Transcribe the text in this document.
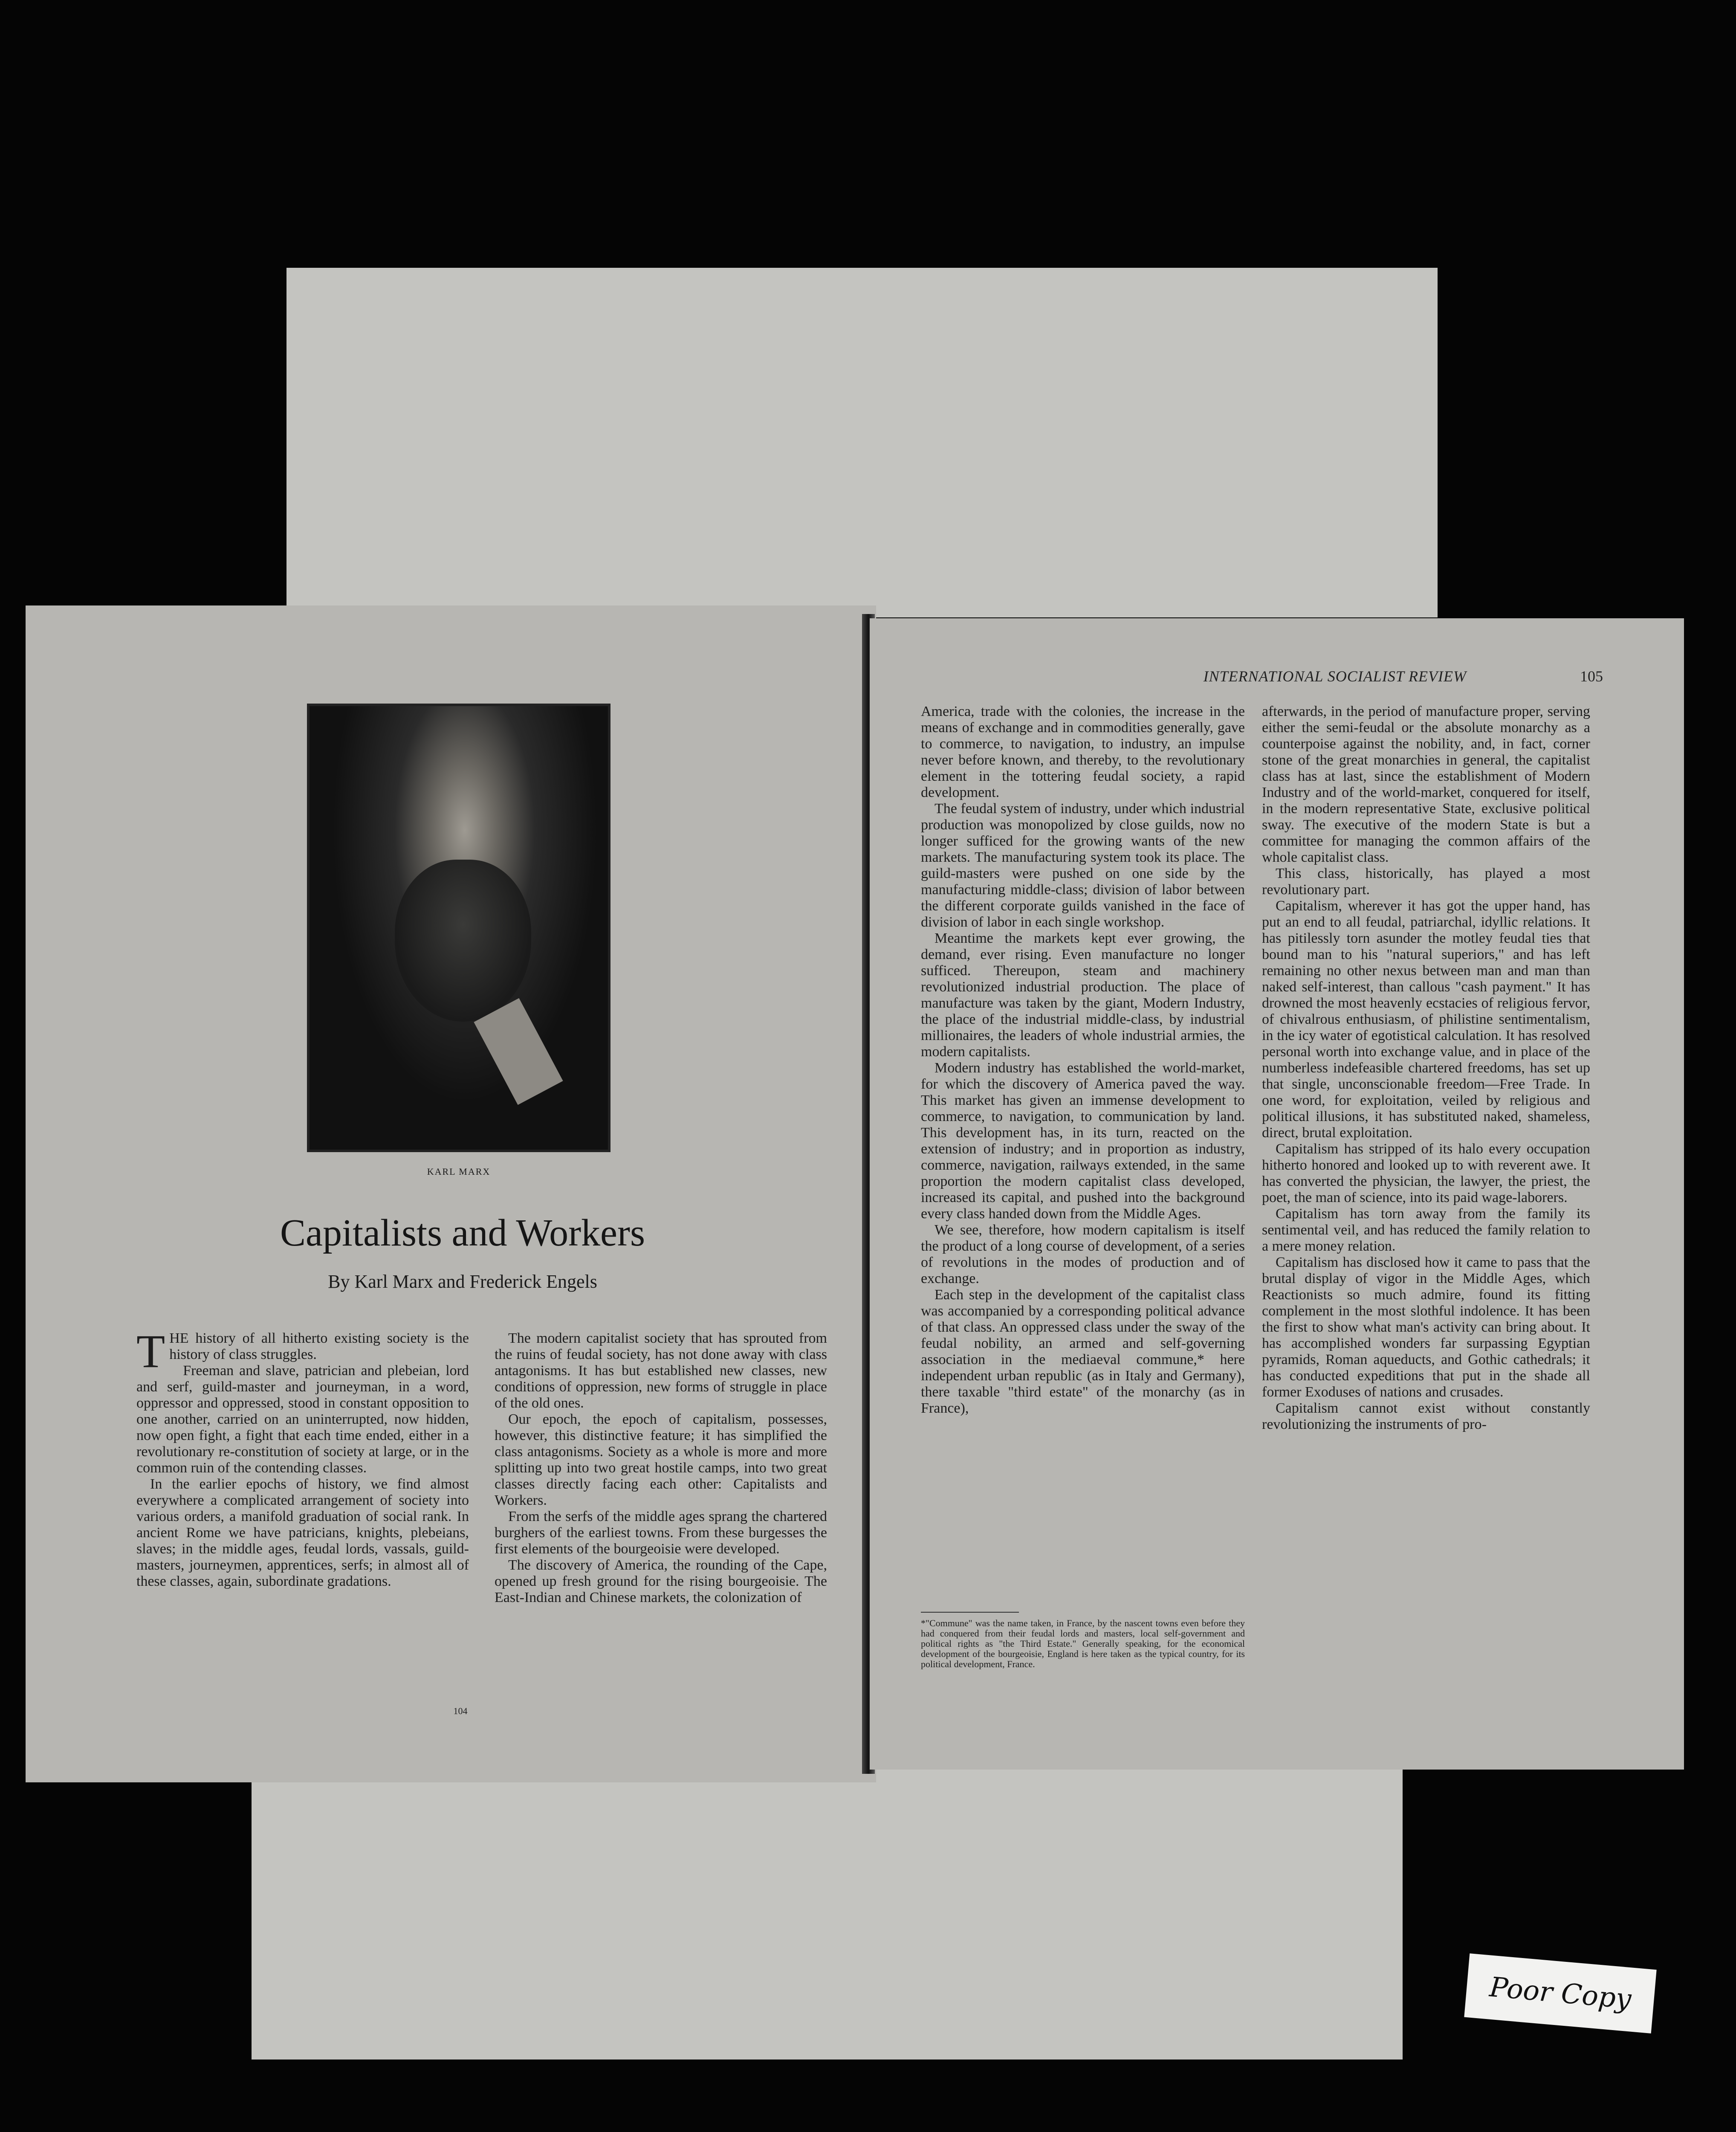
KARL MARX
Capitalists and Workers
By Karl Marx and Frederick Engels

THE history of all hitherto existing society is the history of class struggles.

Freeman and slave, patrician and plebeian, lord and serf, guild-master and journeyman, in a word, oppressor and oppressed, stood in constant opposition to one another, carried on an uninterrupted, now hidden, now open fight, a fight that each time ended, either in a revolutionary re-constitution of society at large, or in the common ruin of the contending classes.

In the earlier epochs of history, we find almost everywhere a complicated arrangement of society into various orders, a manifold graduation of social rank. In ancient Rome we have patricians, knights, plebeians, slaves; in the middle ages, feudal lords, vassals, guild-masters, journeymen, apprentices, serfs; in almost all of these classes, again, subordinate gradations.

The modern capitalist society that has sprouted from the ruins of feudal society, has not done away with class antagonisms. It has but established new classes, new conditions of oppression, new forms of struggle in place of the old ones.

Our epoch, the epoch of capitalism, possesses, however, this distinctive feature; it has simplified the class antagonisms. Society as a whole is more and more splitting up into two great hostile camps, into two great classes directly facing each other: Capitalists and Workers.

From the serfs of the middle ages sprang the chartered burghers of the earliest towns. From these burgesses the first elements of the bourgeoisie were developed.

The discovery of America, the rounding of the Cape, opened up fresh ground for the rising bourgeoisie. The East-Indian and Chinese markets, the colonization of

104
INTERNATIONAL SOCIALIST REVIEW	105

America, trade with the colonies, the increase in the means of exchange and in commodities generally, gave to commerce, to navigation, to industry, an impulse never before known, and thereby, to the revolutionary element in the tottering feudal society, a rapid development.

The feudal system of industry, under which industrial production was monopolized by close guilds, now no longer sufficed for the growing wants of the new markets. The manufacturing system took its place. The guild-masters were pushed on one side by the manufacturing middle-class; division of labor between the different corporate guilds vanished in the face of division of labor in each single workshop.

Meantime the markets kept ever growing, the demand, ever rising. Even manufacture no longer sufficed. Thereupon, steam and machinery revolutionized industrial production. The place of manufacture was taken by the giant, Modern Industry, the place of the industrial middle-class, by industrial millionaires, the leaders of whole industrial armies, the modern capitalists.

Modern industry has established the world-market, for which the discovery of America paved the way. This market has given an immense development to commerce, to navigation, to communication by land. This development has, in its turn, reacted on the extension of industry; and in proportion as industry, commerce, navigation, railways extended, in the same proportion the modern capitalist class developed, increased its capital, and pushed into the background every class handed down from the Middle Ages.

We see, therefore, how modern capitalism is itself the product of a long course of development, of a series of revolutions in the modes of production and of exchange.

Each step in the development of the capitalist class was accompanied by a corresponding political advance of that class. An oppressed class under the sway of the feudal nobility, an armed and self-governing association in the mediaeval commune,* here independent urban republic (as in Italy and Germany), there taxable "third estate" of the monarchy (as in France),

*"Commune" was the name taken, in France, by the nascent towns even before they had conquered from their feudal lords and masters, local self-government and political rights as "the Third Estate." Generally speaking, for the economical development of the bourgeoisie, England is here taken as the typical country, for its political development, France.

afterwards, in the period of manufacture proper, serving either the semi-feudal or the absolute monarchy as a counterpoise against the nobility, and, in fact, corner stone of the great monarchies in general, the capitalist class has at last, since the establishment of Modern Industry and of the world-market, conquered for itself, in the modern representative State, exclusive political sway. The executive of the modern State is but a committee for managing the common affairs of the whole capitalist class.

This class, historically, has played a most revolutionary part.

Capitalism, wherever it has got the upper hand, has put an end to all feudal, patriarchal, idyllic relations. It has pitilessly torn asunder the motley feudal ties that bound man to his "natural superiors," and has left remaining no other nexus between man and man than naked self-interest, than callous "cash payment." It has drowned the most heavenly ecstacies of religious fervor, of chivalrous enthusiasm, of philistine sentimentalism, in the icy water of egotistical calculation. It has resolved personal worth into exchange value, and in place of the numberless indefeasible chartered freedoms, has set up that single, unconscionable freedom—Free Trade. In one word, for exploitation, veiled by religious and political illusions, it has substituted naked, shameless, direct, brutal exploitation.

Capitalism has stripped of its halo every occupation hitherto honored and looked up to with reverent awe. It has converted the physician, the lawyer, the priest, the poet, the man of science, into its paid wage-laborers.

Capitalism has torn away from the family its sentimental veil, and has reduced the family relation to a mere money relation.

Capitalism has disclosed how it came to pass that the brutal display of vigor in the Middle Ages, which Reactionists so much admire, found its fitting complement in the most slothful indolence. It has been the first to show what man's activity can bring about. It has accomplished wonders far surpassing Egyptian pyramids, Roman aqueducts, and Gothic cathedrals; it has conducted expeditions that put in the shade all former Exoduses of nations and crusades.

Capitalism cannot exist without constantly revolutionizing the instruments of pro-

Poor Copy
